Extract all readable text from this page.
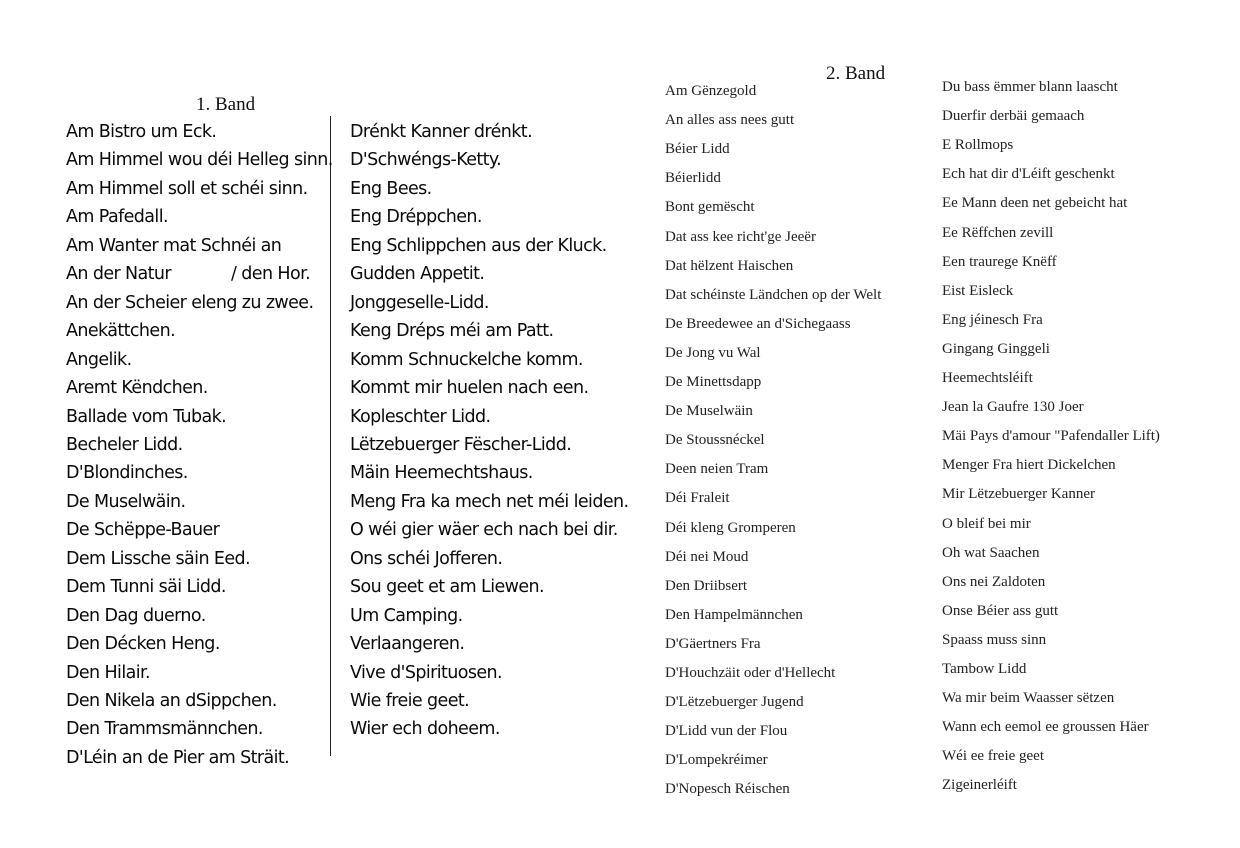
1. Band
2. Band
Am Bistro um Eck.
Am Himmel wou déi Helleg sinn.
Am Himmel soll et schéi sinn.
Am Pafedall.
Am Wanter mat Schnéi an
An der Natur	/ den Hor.
An der Scheier eleng zu zwee.
Anekättchen.
Angelik.
Aremt Këndchen.
Ballade vom Tubak.
Becheler Lidd.
D'Blondinches.
De Muselwäin.
De Schëppe-Bauer
Dem Lissche säin Eed.
Dem Tunni säi Lidd.
Den Dag duerno.
Den Décken Heng.
Den Hilair.
Den Nikela an dSippchen.
Den Trammsmännchen.
D'Léin an de Pier am Sträit.
Drénkt Kanner drénkt.
D'Schwéngs-Ketty.
Eng Bees.
Eng Dréppchen.
Eng Schlippchen aus der Kluck.
Gudden Appetit.
Jonggeselle-Lidd.
Keng Dréps méi am Patt.
Komm Schnuckelche komm.
Kommt mir huelen nach een.
Kopleschter Lidd.
Lëtzebuerger Fëscher-Lidd.
Mäin Heemechtshaus.
Meng Fra ka mech net méi leiden.
O wéi gier wäer ech nach bei dir.
Ons schéi Jofferen.
Sou geet et am Liewen.
Um Camping.
Verlaangeren.
Vive d'Spirituosen.
Wie freie geet.
Wier ech doheem.
Am Gënzegold
An alles ass nees gutt
Béier Lidd
Béierlidd
Bont gemëscht
Dat ass kee richt'ge Jeeër
Dat hëlzent Haischen
Dat schéinste Ländchen op der Welt
De Breedewee an d'Sichegaass
De Jong vu Wal
De Minettsdapp
De Muselwäin
De Stoussnéckel
Deen neien Tram
Déi Fraleit
Déi kleng Gromperen
Déi nei Moud
Den Driibsert
Den Hampelmännchen
D'Gäertners Fra
D'Houchzäit oder d'Hellecht
D'Lëtzebuerger Jugend
D'Lidd vun der Flou
D'Lompekréimer
D'Nopesch Réischen
Du bass ëmmer blann laascht
Duerfir derbäi gemaach
E Rollmops
Ech hat dir d'Léift geschenkt
Ee Mann deen net gebeicht hat
Ee Rëffchen zevill
Een trauregе Knëff
Eist Eisleck
Eng jéinesch Fra
Gingang Ginggeli
Heemechtsléift
Jean la Gaufre 130 Joer
Mäi Pays d'amour "Pafendaller Lift)
Menger Fra hiert Dickelchen
Mir Lëtzebuerger Kanner
O bleif bei mir
Oh wat Saachen
Ons nei Zaldoten
Onse Béier ass gutt
Spaass muss sinn
Tambow Lidd
Wa mir beim Waasser sëtzen
Wann ech eemol ee groussen Häer
Wéi ee freie geet
Zigeinerléift
